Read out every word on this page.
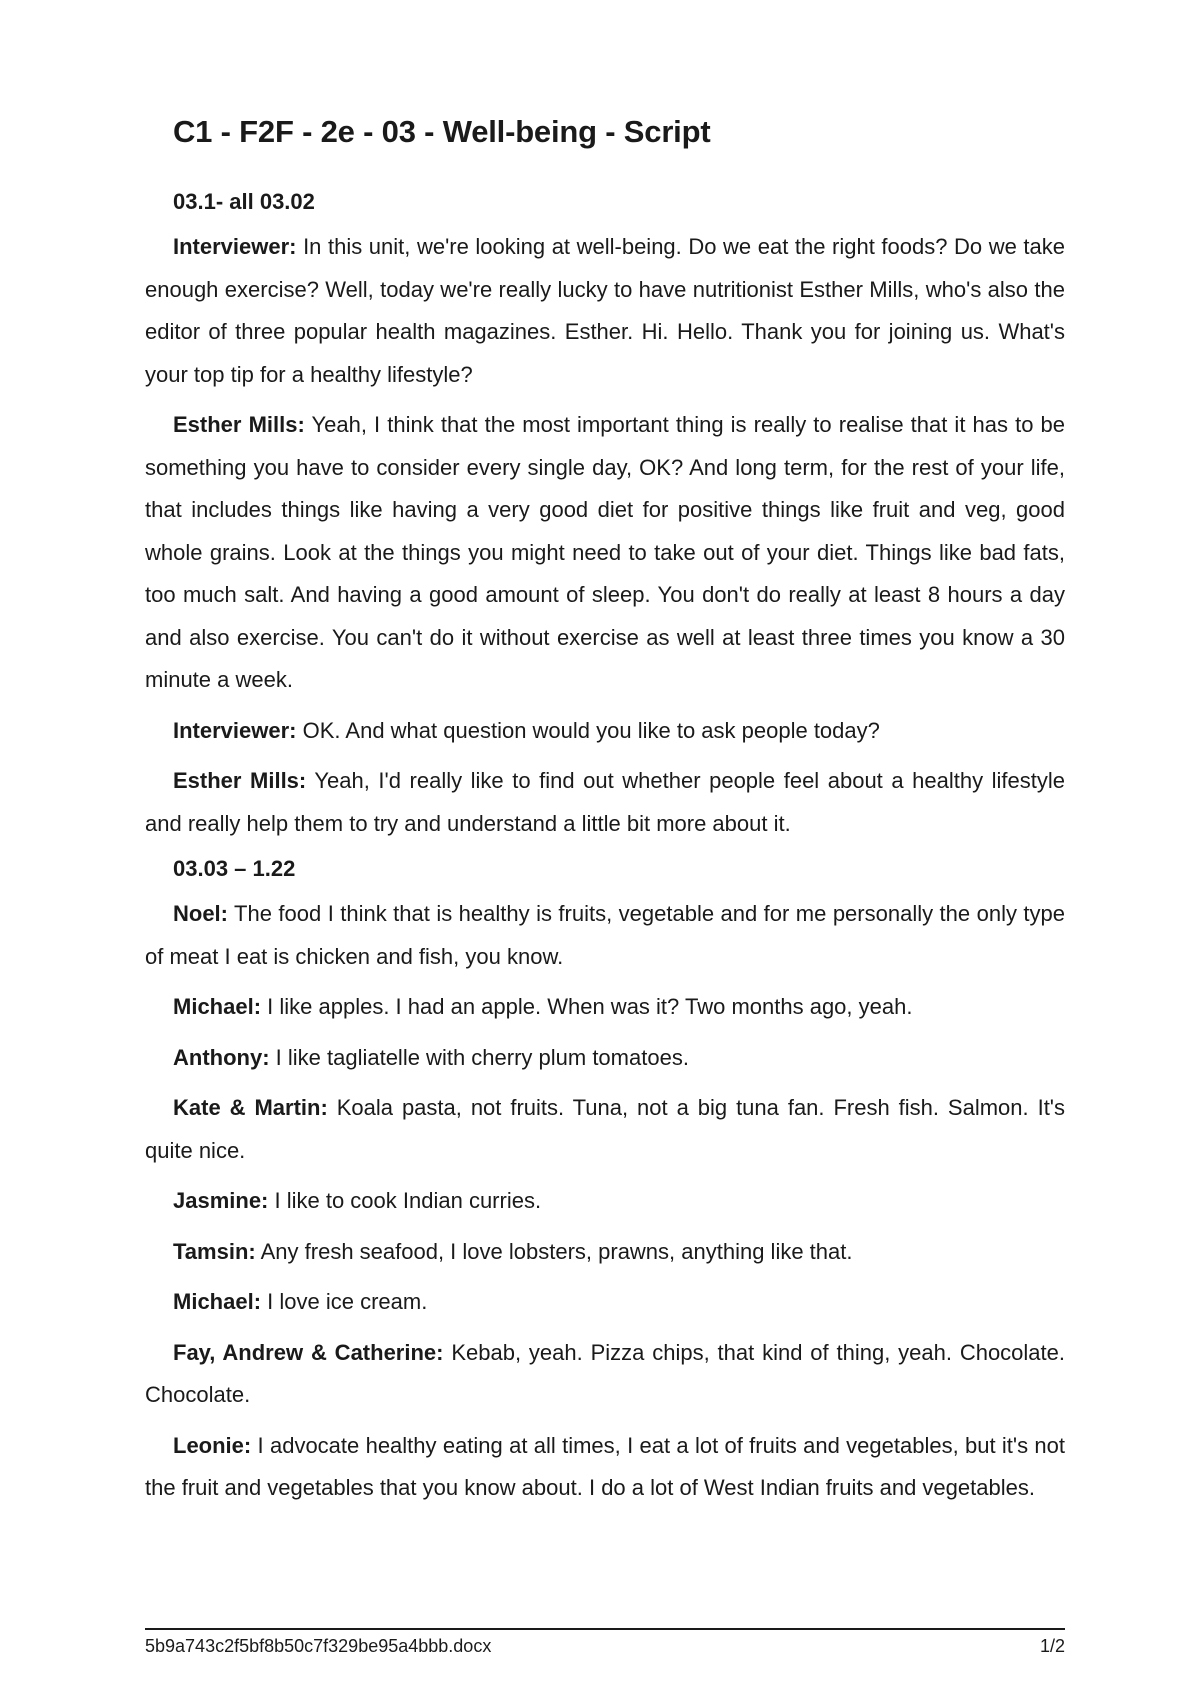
C1 - F2F - 2e - 03 - Well-being - Script
03.1- all 03.02

Interviewer: In this unit, we're looking at well-being. Do we eat the right foods? Do we take enough exercise? Well, today we're really lucky to have nutritionist Esther Mills, who's also the editor of three popular health magazines. Esther. Hi. Hello. Thank you for joining us. What's your top tip for a healthy lifestyle?

Esther Mills: Yeah, I think that the most important thing is really to realise that it has to be something you have to consider every single day, OK? And long term, for the rest of your life, that includes things like having a very good diet for positive things like fruit and veg, good whole grains. Look at the things you might need to take out of your diet. Things like bad fats, too much salt. And having a good amount of sleep. You don't do really at least 8 hours a day and also exercise. You can't do it without exercise as well at least three times you know a 30 minute a week.

Interviewer: OK. And what question would you like to ask people today?

Esther Mills: Yeah, I'd really like to find out whether people feel about a healthy lifestyle and really help them to try and understand a little bit more about it.

03.03 – 1.22

Noel: The food I think that is healthy is fruits, vegetable and for me personally the only type of meat I eat is chicken and fish, you know.

Michael: I like apples. I had an apple. When was it? Two months ago, yeah.

Anthony: I like tagliatelle with cherry plum tomatoes.

Kate & Martin: Koala pasta, not fruits. Tuna, not a big tuna fan. Fresh fish. Salmon. It's quite nice.

Jasmine: I like to cook Indian curries.

Tamsin: Any fresh seafood, I love lobsters, prawns, anything like that.

Michael: I love ice cream.

Fay, Andrew & Catherine: Kebab, yeah. Pizza chips, that kind of thing, yeah. Chocolate. Chocolate.

Leonie: I advocate healthy eating at all times, I eat a lot of fruits and vegetables, but it's not the fruit and vegetables that you know about. I do a lot of West Indian fruits and vegetables.

5b9a743c2f5bf8b50c7f329be95a4bbb.docx	1/2
